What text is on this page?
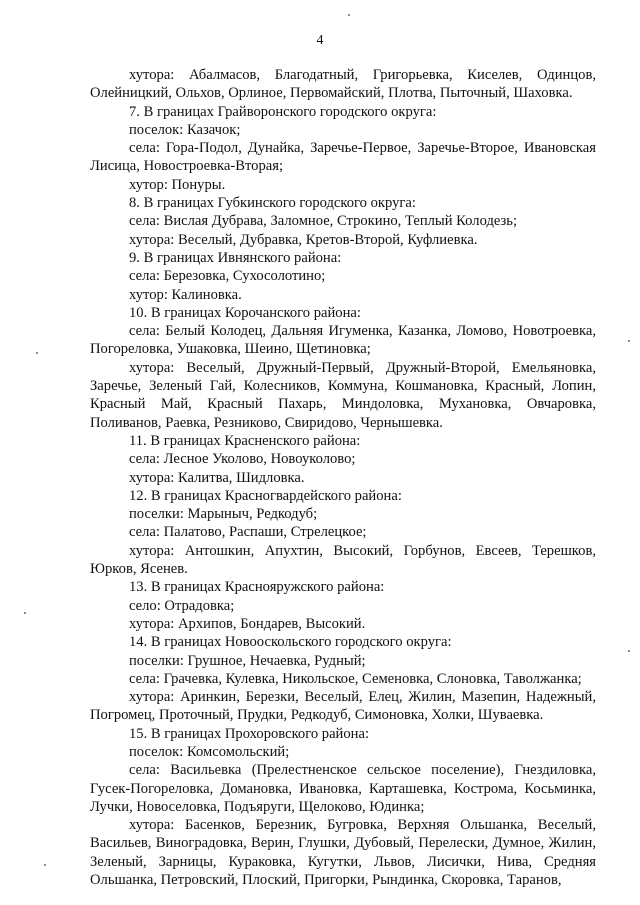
4

хутора: Абалмасов, Благодатный, Григорьевка, Киселев, Одинцов, Олейницкий, Ольхов, Орлиное, Первомайский, Плотва, Пыточный, Шаховка.

7. В границах Грайворонского городского округа:

поселок: Казачок;

села: Гора-Подол, Дунайка, Заречье-Первое, Заречье-Второе, Ивановская Лисица, Новостроевка-Вторая;

хутор: Понуры.

8. В границах Губкинского городского округа:

села: Вислая Дубрава, Заломное, Строкино, Теплый Колодезь;

хутора: Веселый, Дубравка, Кретов-Второй, Куфлиевка.

9. В границах Ивнянского района:

села: Березовка, Сухосолотино;

хутор: Калиновка.

10. В границах Корочанского района:

села: Белый Колодец, Дальняя Игуменка, Казанка, Ломово, Новотроевка, Погореловка, Ушаковка, Шеино, Щетиновка;

хутора: Веселый, Дружный-Первый, Дружный-Второй, Емельяновка, Заречье, Зеленый Гай, Колесников, Коммуна, Кошмановка, Красный, Лопин, Красный Май, Красный Пахарь, Миндоловка, Мухановка, Овчаровка, Поливанов, Раевка, Резниково, Свиридово, Чернышевка.

11. В границах Красненского района:

села: Лесное Уколово, Новоуколово;

хутора: Калитва, Шидловка.

12. В границах Красногвардейского района:

поселки: Марыныч, Редкодуб;

села: Палатово, Распаши, Стрелецкое;

хутора: Антошкин, Апухтин, Высокий, Горбунов, Евсеев, Терешков, Юрков, Ясенев.

13. В границах Краснояружского района:

село: Отрадовка;

хутора: Архипов, Бондарев, Высокий.

14. В границах Новооскольского городского округа:

поселки: Грушное, Нечаевка, Рудный;

села: Грачевка, Кулевка, Никольское, Семеновка, Слоновка, Таволжанка;

хутора: Аринкин, Березки, Веселый, Елец, Жилин, Мазепин, Надежный, Погромец, Проточный, Прудки, Редкодуб, Симоновка, Холки, Шуваевка.

15. В границах Прохоровского района:

поселок: Комсомольский;

села: Васильевка (Прелестненское сельское поселение), Гнездиловка, Гусек-Погореловка, Домановка, Ивановка, Карташевка, Кострома, Косьминка, Лучки, Новоселовка, Подъяруги, Щелоково, Юдинка;

хутора: Басенков, Березник, Бугровка, Верхняя Ольшанка, Веселый, Васильев, Виноградовка, Верин, Глушки, Дубовый, Перелески, Думное, Жилин, Зеленый, Зарницы, Кураковка, Кугутки, Львов, Лисички, Нива, Средняя Ольшанка, Петровский, Плоский, Пригорки, Рындинка, Скоровка, Таранов,
